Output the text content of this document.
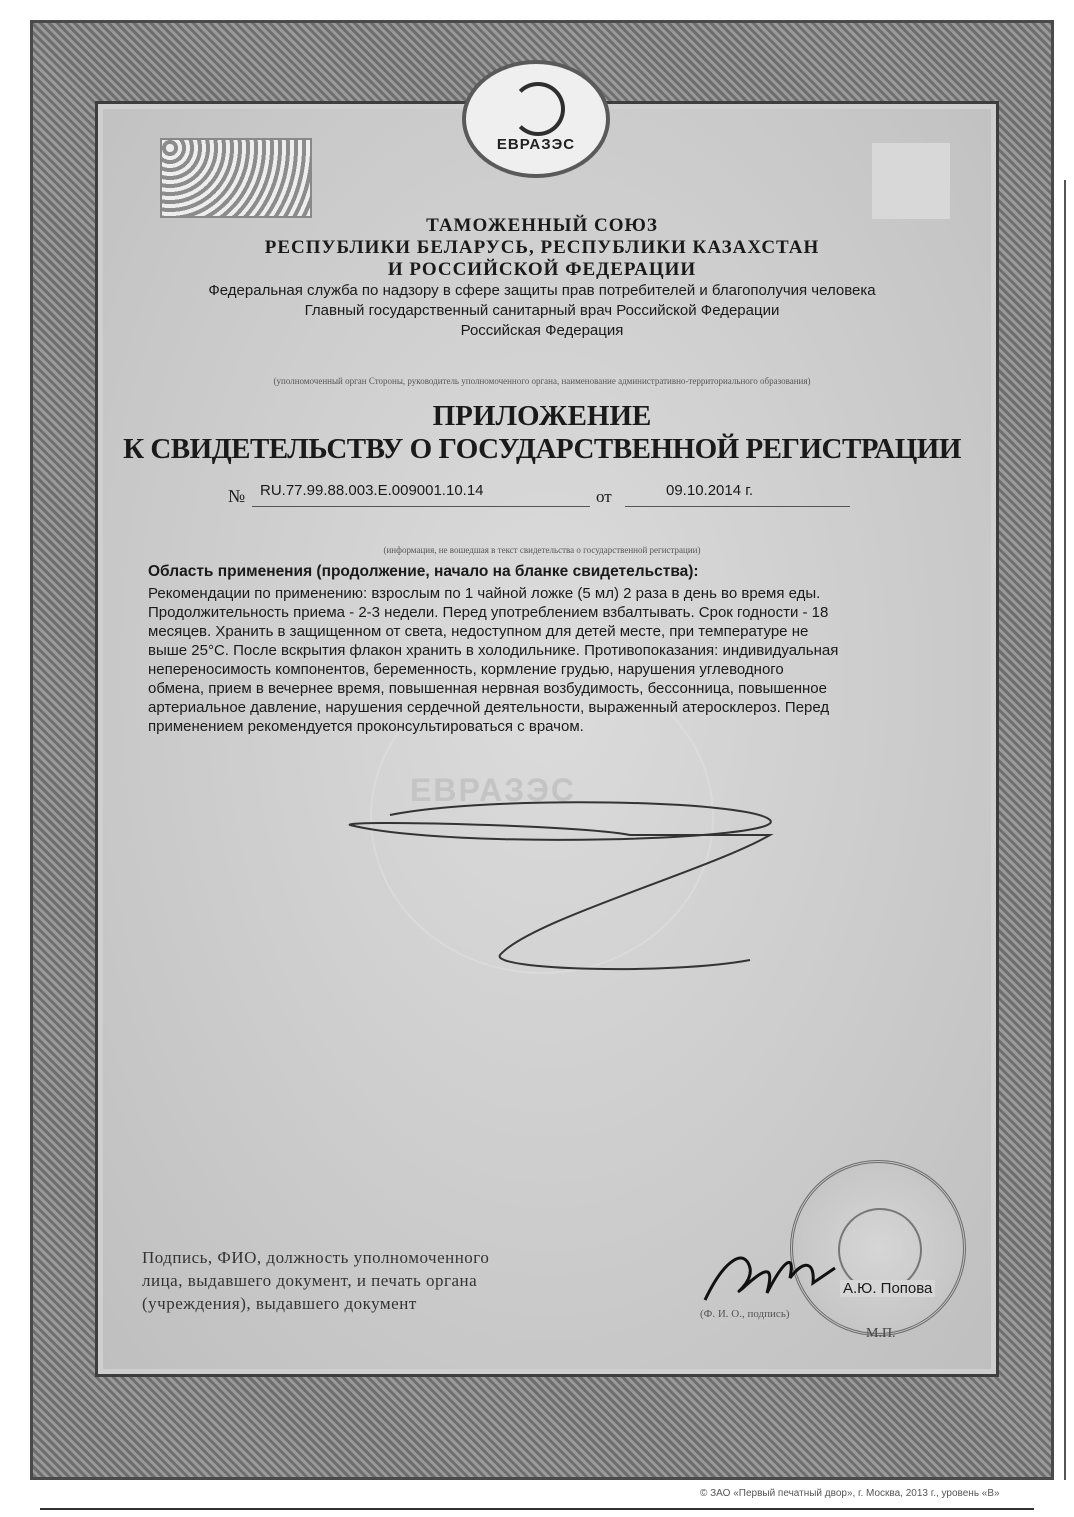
ЕВРАЗЭС
ТАМОЖЕННЫЙ СОЮЗ
РЕСПУБЛИКИ БЕЛАРУСЬ, РЕСПУБЛИКИ КАЗАХСТАН
И РОССИЙСКОЙ ФЕДЕРАЦИИ
Федеральная служба по надзору в сфере защиты прав потребителей и благополучия человека
Главный государственный санитарный врач Российской Федерации
Российская Федерация
(уполномоченный орган Стороны, руководитель уполномоченного органа, наименование административно-территориального образования)
ПРИЛОЖЕНИЕ
К СВИДЕТЕЛЬСТВУ О ГОСУДАРСТВЕННОЙ РЕГИСТРАЦИИ
№ RU.77.99.88.003.E.009001.10.14	от	09.10.2014 г.
(информация, не вошедшая в текст свидетельства о государственной регистрации)
ЕВРАЗЭС
Область применения (продолжение, начало на бланке свидетельства):
Рекомендации по применению: взрослым по 1 чайной ложке (5 мл) 2 раза в день во время еды.
Продолжительность приема - 2-3 недели. Перед употреблением взбалтывать. Срок годности - 18
месяцев. Хранить в защищенном от света, недоступном для детей месте, при температуре не
выше 25°С. После вскрытия флакон хранить в холодильнике. Противопоказания: индивидуальная
непереносимость компонентов, беременность, кормление грудью, нарушения углеводного
обмена, прием в вечернее время, повышенная нервная возбудимость, бессонница, повышенное
артериальное давление, нарушения сердечной деятельности, выраженный атеросклероз. Перед
применением рекомендуется проконсультироваться с врачом.
Подпись, ФИО, должность уполномоченного
лица, выдавшего документ, и печать органа
(учреждения), выдавшего документ
А.Ю. Попова
(Ф. И. О., подпись)
М.П.
© ЗАО «Первый печатный двор», г. Москва, 2013 г., уровень «В»
